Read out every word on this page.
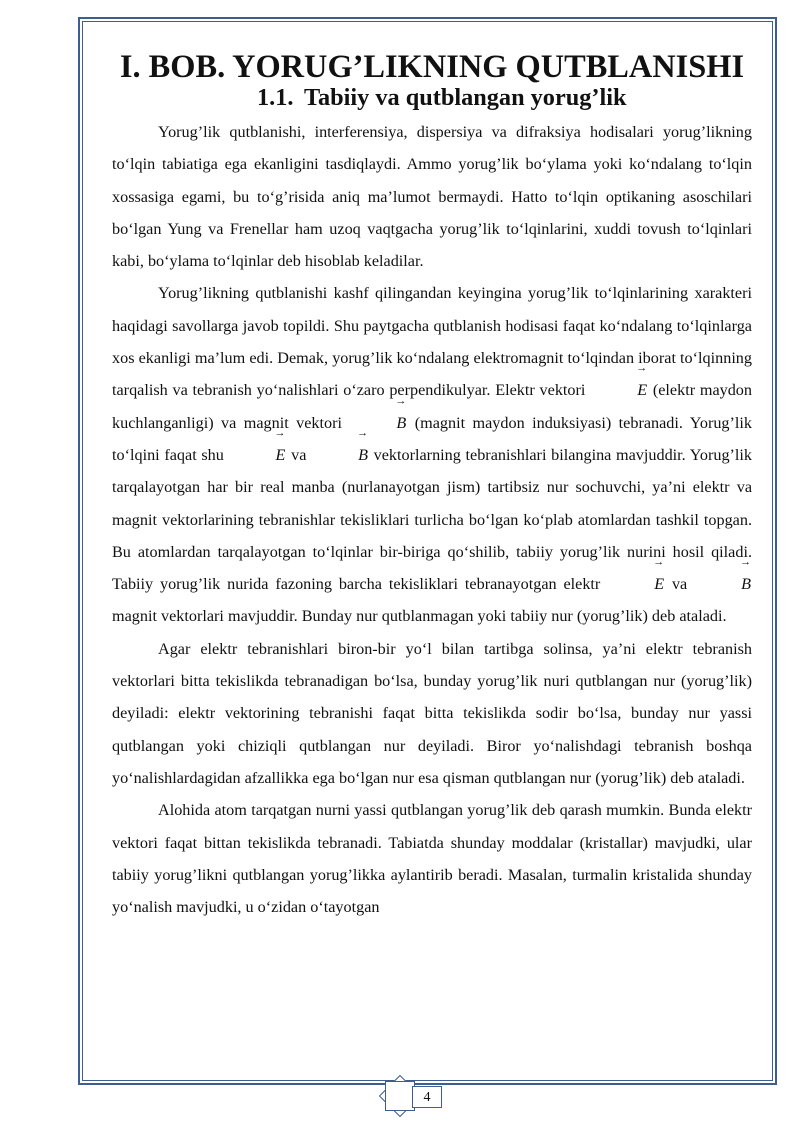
I. BOB. YORUG’LIKNING QUTBLANISHI
1.1. Tabiiy va qutblangan yorug’lik

Yorug’lik qutblanishi, interferensiya, dispersiya va difraksiya hodisalari yorug’likning to‘lqin tabiatiga ega ekanligini tasdiqlaydi. Ammo yorug’lik bo‘ylama yoki ko‘ndalang to‘lqin xossasiga egami, bu to‘g’risida aniq ma’lumot bermaydi. Hatto to‘lqin optikaning asoschilari bo‘lgan Yung va Frenellar ham uzoq vaqtgacha yorug’lik to‘lqinlarini, xuddi tovush to‘lqinlari kabi, bo‘ylama to‘lqinlar deb hisoblab keladilar.

Yorug’likning qutblanishi kashf qilingandan keyingina yorug’lik to‘lqinlarining xarakteri haqidagi savollarga javob topildi. Shu paytgacha qutblanish hodisasi faqat ko‘ndalang to‘lqinlarga xos ekanligi ma’lum edi. Demak, yorug’lik ko‘ndalang elektromagnit to‘lqindan iborat to‘lqinning tarqalish va tebranish yo‘nalishlari o‘zaro perpendikulyar. Elektr vektori	→ E (elektr maydon kuchlanganligi) va magnit vektori	→ B (magnit maydon induksiyasi) tebranadi. Yorug’lik to‘lqini faqat shu	→ E va	→ B vektorlarning tebranishlari bilangina mavjuddir. Yorug’lik tarqalayotgan har bir real manba (nurlanayotgan jism) tartibsiz nur sochuvchi, ya’ni elektr va magnit vektorlarining tebranishlar tekisliklari turlicha bo‘lgan ko‘plab atomlardan tashkil topgan. Bu atomlardan tarqalayotgan to‘lqinlar bir-biriga qo‘shilib, tabiiy yorug’lik nurini hosil qiladi. Tabiiy yorug’lik nurida fazoning barcha tekisliklari tebranayotgan elektr	→ E va	→ B magnit vektorlari mavjuddir. Bunday nur qutblanmagan yoki tabiiy nur (yorug’lik) deb ataladi.

Agar elektr tebranishlari biron-bir yo‘l bilan tartibga solinsa, ya’ni elektr tebranish vektorlari bitta tekislikda tebranadigan bo‘lsa, bunday yorug’lik nuri qutblangan nur (yorug’lik) deyiladi: elektr vektorining tebranishi faqat bitta tekislikda sodir bo‘lsa, bunday nur yassi qutblangan yoki chiziqli qutblangan nur deyiladi. Biror yo‘nalishdagi tebranish boshqa yo‘nalishlardagidan afzallikka ega bo‘lgan nur esa qisman qutblangan nur (yorug’lik) deb ataladi.

Alohida atom tarqatgan nurni yassi qutblangan yorug’lik deb qarash mumkin. Bunda elektr vektori faqat bittan tekislikda tebranadi. Tabiatda shunday moddalar (kristallar) mavjudki, ular tabiiy yorug’likni qutblangan yorug’likka aylantirib beradi. Masalan, turmalin kristalida shunday yo‘nalish mavjudki, u o‘zidan o‘tayotgan

4
